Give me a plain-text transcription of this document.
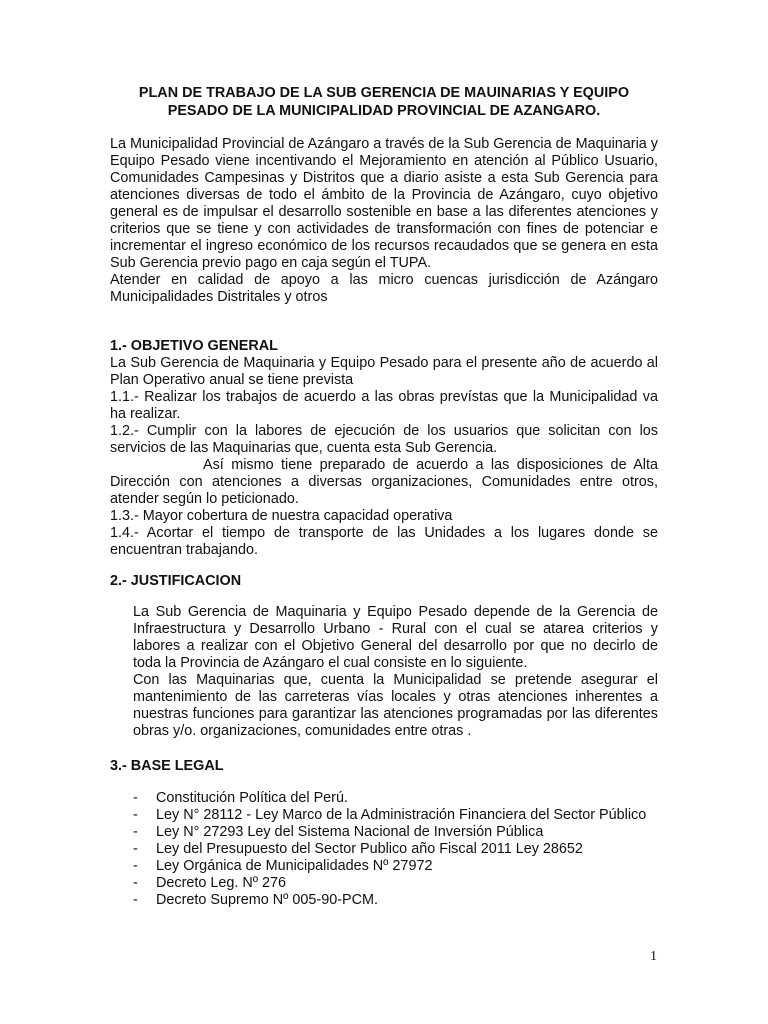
PLAN DE TRABAJO DE LA SUB GERENCIA DE MAUINARIAS Y EQUIPO
PESADO DE LA MUNICIPALIDAD PROVINCIAL DE AZANGARO.
La Municipalidad Provincial de Azángaro a través de la Sub Gerencia de Maquinaria y Equipo Pesado viene incentivando el Mejoramiento en atención al Público Usuario, Comunidades Campesinas y Distritos que a diario asiste a esta Sub Gerencia para atenciones diversas de todo el ámbito de la Provincia de Azángaro, cuyo objetivo general es de impulsar el desarrollo sostenible en base a las diferentes atenciones y criterios que se tiene y con actividades de transformación con fines de potenciar e incrementar el ingreso económico de los recursos recaudados que se genera en esta Sub Gerencia previo pago en caja según el TUPA.
Atender en calidad de apoyo a las micro cuencas jurisdicción de Azángaro Municipalidades Distritales y otros
1.- OBJETIVO GENERAL
La Sub Gerencia de Maquinaria y Equipo Pesado para el presente año de acuerdo al Plan Operativo anual se tiene prevista
1.1.- Realizar los trabajos de acuerdo a las obras prevístas que la Municipalidad va ha realizar.
1.2.- Cumplir con la labores de ejecución de los usuarios que solicitan con los servicios de las Maquinarias que, cuenta esta Sub Gerencia.
Así mismo tiene preparado de acuerdo a las disposiciones de Alta Dirección con atenciones a diversas organizaciones, Comunidades entre otros, atender según lo peticionado.
1.3.- Mayor cobertura de nuestra capacidad operativa
1.4.- Acortar el tiempo de transporte de las Unidades a los lugares donde se encuentran trabajando.
2.- JUSTIFICACION
La Sub Gerencia de Maquinaria y Equipo Pesado depende de la Gerencia de Infraestructura y Desarrollo Urbano - Rural con el cual se atarea criterios y labores a realizar con el Objetivo General del desarrollo por que no decirlo de toda la Provincia de Azángaro el cual consiste en lo siguiente.
Con las Maquinarias que, cuenta la Municipalidad se pretende asegurar el mantenimiento de las carreteras vías locales y otras atenciones inherentes a nuestras funciones para garantizar las atenciones programadas por las diferentes obras y/o. organizaciones, comunidades entre otras .
3.- BASE LEGAL
- Constitución Política del Perú.
- Ley N° 28112 - Ley Marco de la Administración Financiera del Sector Público
- Ley N° 27293 Ley del Sistema Nacional de Inversión Pública
- Ley del Presupuesto del Sector Publico año Fiscal 2011 Ley 28652
- Ley Orgánica de Municipalidades Nº 27972
- Decreto Leg. Nº 276
- Decreto Supremo Nº 005-90-PCM.
1
